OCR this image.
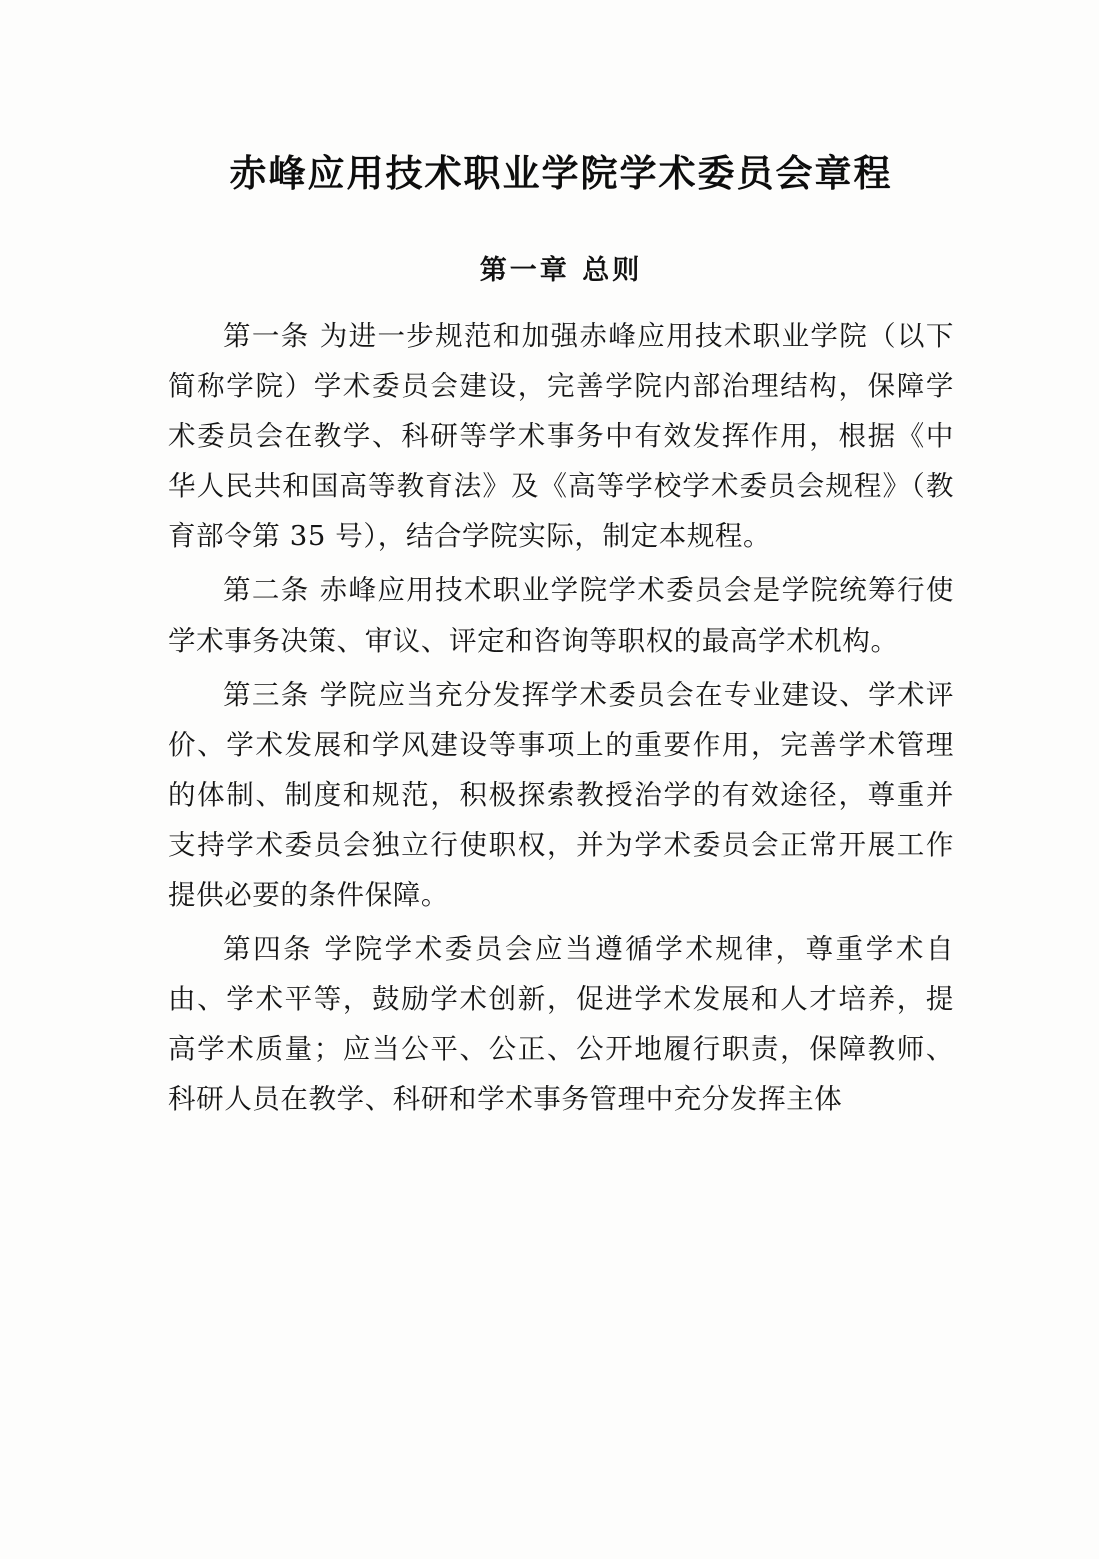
赤峰应用技术职业学院学术委员会章程
第一章 总则

第一条 为进一步规范和加强赤峰应用技术职业学院（以下简称学院）学术委员会建设，完善学院内部治理结构，保障学术委员会在教学、科研等学术事务中有效发挥作用，根据《中华人民共和国高等教育法》及《高等学校学术委员会规程》（教育部令第 35 号），结合学院实际，制定本规程。

第二条 赤峰应用技术职业学院学术委员会是学院统筹行使学术事务决策、审议、评定和咨询等职权的最高学术机构。

第三条 学院应当充分发挥学术委员会在专业建设、学术评价、学术发展和学风建设等事项上的重要作用，完善学术管理的体制、制度和规范，积极探索教授治学的有效途径，尊重并支持学术委员会独立行使职权，并为学术委员会正常开展工作提供必要的条件保障。

第四条 学院学术委员会应当遵循学术规律，尊重学术自由、学术平等，鼓励学术创新，促进学术发展和人才培养，提高学术质量；应当公平、公正、公开地履行职责，保障教师、科研人员在教学、科研和学术事务管理中充分发挥主体
